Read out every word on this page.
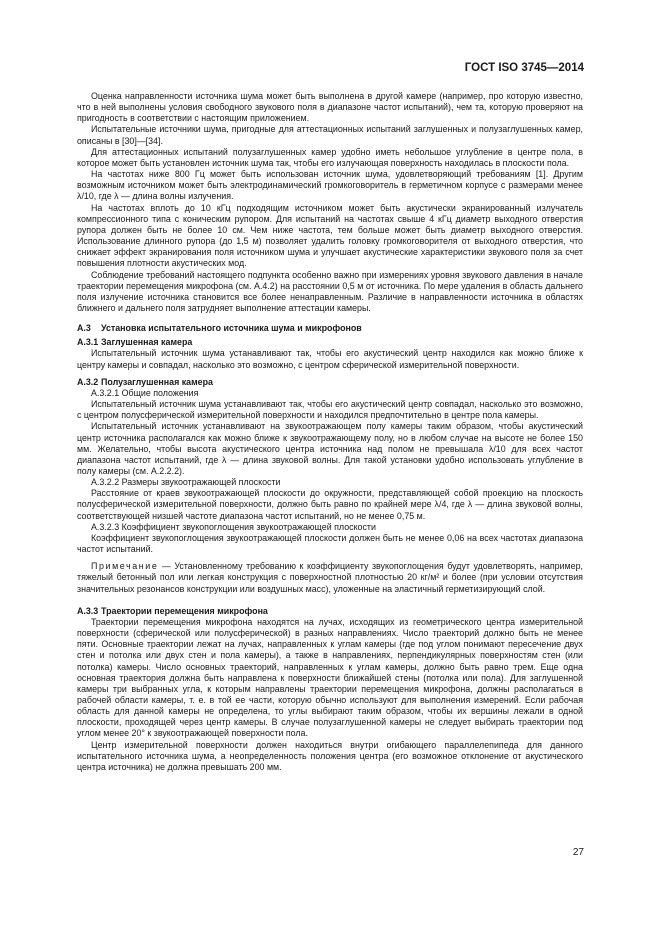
ГОСТ ISO 3745—2014

Оценка направленности источника шума может быть выполнена в другой камере (например, про которую известно, что в ней выполнены условия свободного звукового поля в диапазоне частот испытаний), чем та, которую проверяют на пригодность в соответствии с настоящим приложением.

Испытательные источники шума, пригодные для аттестационных испытаний заглушенных и полузаглушенных камер, описаны в [30]—[34].

Для аттестационных испытаний полузаглушенных камер удобно иметь небольшое углубление в центре пола, в которое может быть установлен источник шума так, чтобы его излучающая поверхность находилась в плоскости пола.

На частотах ниже 800 Гц может быть использован источник шума, удовлетворяющий требованиям [1]. Другим возможным источником может быть электродинамический громкоговоритель в герметичном корпусе с размерами менее λ/10, где λ — длина волны излучения.

На частотах вплоть до 10 кГц подходящим источником может быть акустически экранированный излучатель компрессионного типа с коническим рупором. Для испытаний на частотах свыше 4 кГц диаметр выходного отверстия рупора должен быть не более 10 см. Чем ниже частота, тем больше может быть диаметр выходного отверстия. Использование длинного рупора (до 1,5 м) позволяет удалить головку громкоговорителя от выходного отверстия, что снижает эффект экранирования поля источником шума и улучшает акустические характеристики звукового поля за счет повышения плотности акустических мод.

Соблюдение требований настоящего подпункта особенно важно при измерениях уровня звукового давления в начале траектории перемещения микрофона (см. А.4.2) на расстоянии 0,5 м от источника. По мере удаления в область дальнего поля излучение источника становится все более ненаправленным. Различие в направленности источника в областях ближнего и дальнего поля затрудняет выполнение аттестации камеры.

А.3 Установка испытательного источника шума и микрофонов

А.3.1 Заглушенная камера

Испытательный источник шума устанавливают так, чтобы его акустический центр находился как можно ближе к центру камеры и совпадал, насколько это возможно, с центром сферической измерительной поверхности.

А.3.2 Полузаглушенная камера

А.3.2.1 Общие положения

Испытательный источник шума устанавливают так, чтобы его акустический центр совпадал, насколько это возможно, с центром полусферической измерительной поверхности и находился предпочтительно в центре пола камеры.

Испытательный источник устанавливают на звукоотражающем полу камеры таким образом, чтобы акустический центр источника располагался как можно ближе к звукоотражающему полу, но в любом случае на высоте не более 150 мм. Желательно, чтобы высота акустического центра источника над полом не превышала λ/10 для всех частот диапазона частот испытаний, где λ — длина звуковой волны. Для такой установки удобно использовать углубление в полу камеры (см. А.2.2.2).

А.3.2.2 Размеры звукоотражающей плоскости

Расстояние от краев звукоотражающей плоскости до окружности, представляющей собой проекцию на плоскость полусферической измерительной поверхности, должно быть равно по крайней мере λ/4, где λ — длина звуковой волны, соответствующей низшей частоте диапазона частот испытаний, но не менее 0,75 м.

А.3.2.3 Коэффициент звукопоглощения звукоотражающей плоскости

Коэффициент звукопоглощения звукоотражающей плоскости должен быть не менее 0,06 на всех частотах диапазона частот испытаний.

Примечание — Установленному требованию к коэффициенту звукопоглощения будут удовлетворять, например, тяжелый бетонный пол или легкая конструкция с поверхностной плотностью 20 кг/м² и более (при условии отсутствия значительных резонансов конструкции или воздушных масс), уложенные на эластичный герметизирующий слой.

А.3.3 Траектории перемещения микрофона

Траектории перемещения микрофона находятся на лучах, исходящих из геометрического центра измерительной поверхности (сферической или полусферической) в разных направлениях. Число траекторий должно быть не менее пяти. Основные траектории лежат на лучах, направленных к углам камеры (где под углом понимают пересечение двух стен и потолка или двух стен и пола камеры), а также в направлениях, перпендикулярных поверхностям стен (или потолка) камеры. Число основных траекторий, направленных к углам камеры, должно быть равно трем. Еще одна основная траектория должна быть направлена к поверхности ближайшей стены (потолка или пола). Для заглушенной камеры три выбранных угла, к которым направлены траектории перемещения микрофона, должны располагаться в рабочей области камеры, т. е. в той ее части, которую обычно используют для выполнения измерений. Если рабочая область для данной камеры не определена, то углы выбирают таким образом, чтобы их вершины лежали в одной плоскости, проходящей через центр камеры. В случае полузаглушенной камеры не следует выбирать траектории под углом менее 20° к звукоотражающей поверхности пола.

Центр измерительной поверхности должен находиться внутри огибающего параллелепипеда для данного испытательного источника шума, а неопределенность положения центра (его возможное отклонение от акустического центра источника) не должна превышать 200 мм.

27
